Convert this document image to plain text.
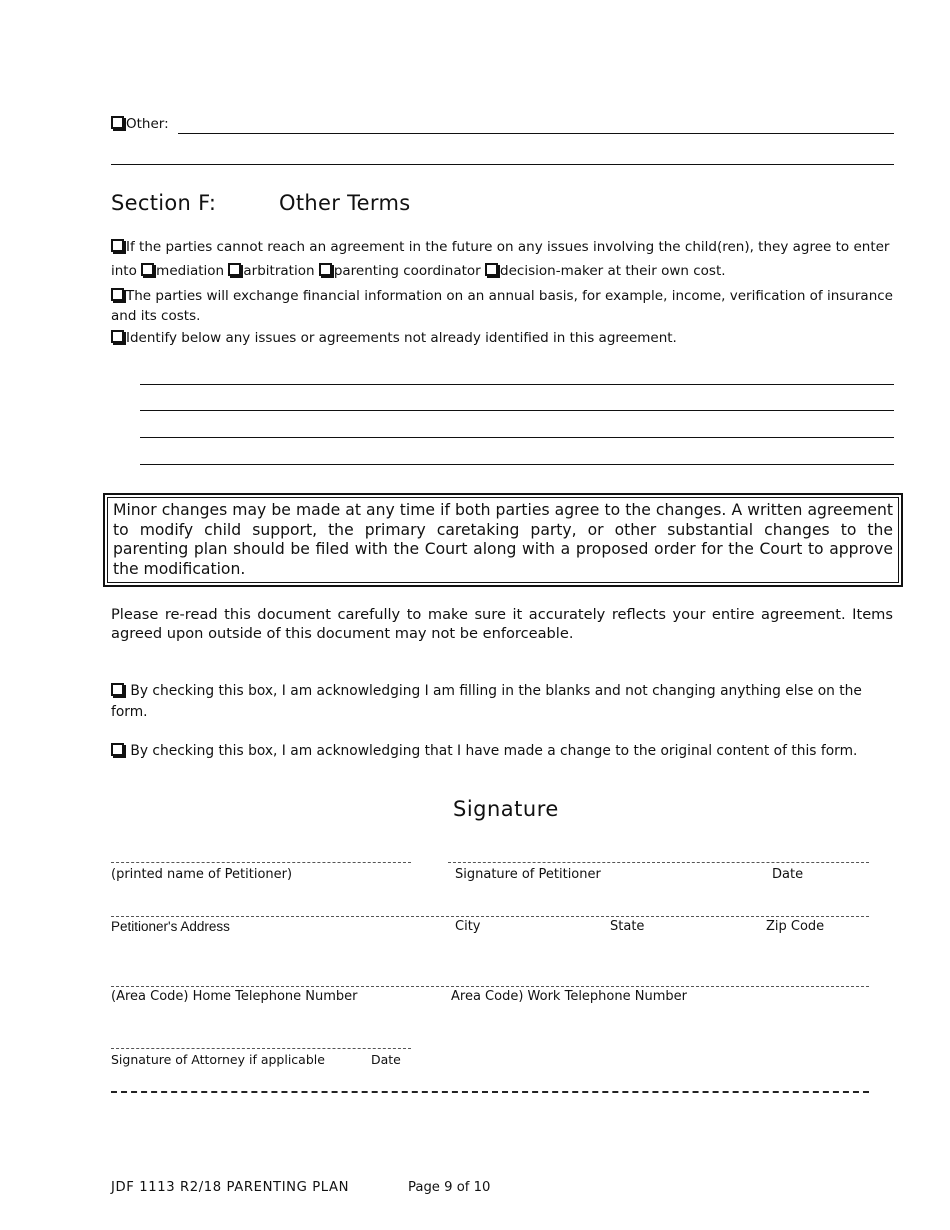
Other:
Section F:	Other Terms
If the parties cannot reach an agreement in the future on any issues involving the child(ren), they agree to enter
into mediation arbitration parenting coordinator decision-maker at their own cost.
The parties will exchange financial information on an annual basis, for example, income, verification of insurance
and its costs.
Identify below any issues or agreements not already identified in this agreement.
Minor changes may be made at any time if both parties agree to the changes. A written agreement to modify child support, the primary caretaking party, or other substantial changes to the parenting plan should be filed with the Court along with a proposed order for the Court to approve the modification.
Please re-read this document carefully to make sure it accurately reflects your entire agreement. Items agreed upon outside of this document may not be enforceable.
By checking this box, I am acknowledging I am filling in the blanks and not changing anything else on the
form.
By checking this box, I am acknowledging that I have made a change to the original content of this form.
Signature
(printed name of Petitioner)	Signature of Petitioner	Date
Petitioner's Address	City	State	Zip Code
(Area Code) Home Telephone Number	Area Code) Work Telephone Number
Signature of Attorney if applicable	Date
JDF 1113 R2/18 PARENTING PLAN	Page 9 of 10
